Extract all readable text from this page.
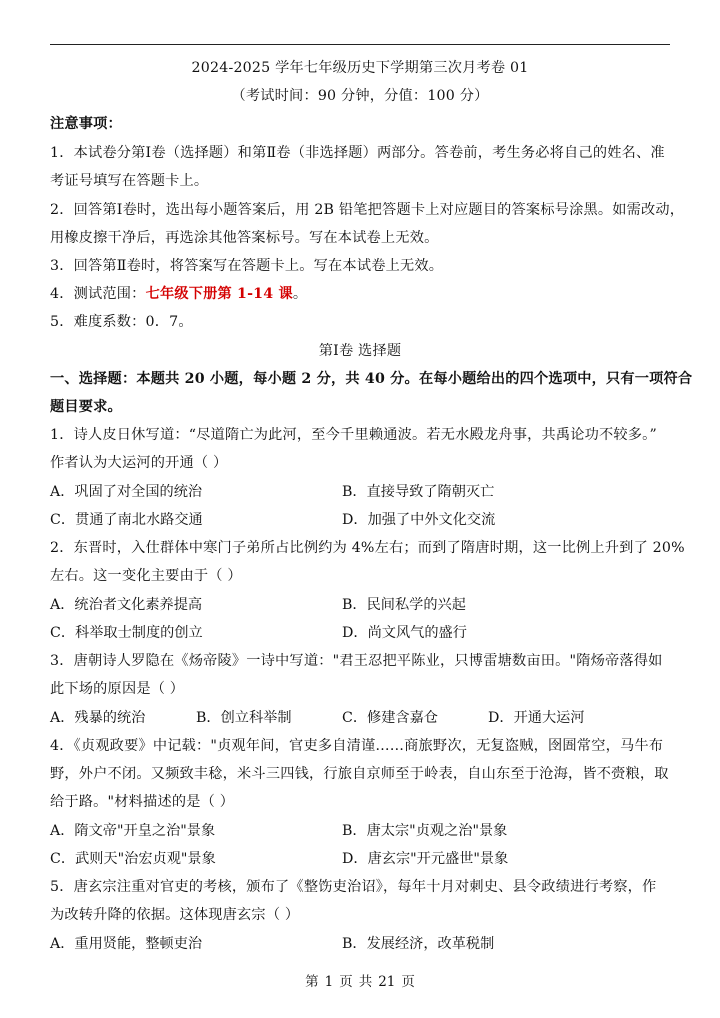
2024-2025 学年七年级历史下学期第三次月考卷 01
（考试时间：90 分钟，分值：100 分）
注意事项：
1．本试卷分第Ⅰ卷（选择题）和第Ⅱ卷（非选择题）两部分。答卷前，考生务必将自己的姓名、准
考证号填写在答题卡上。
2．回答第Ⅰ卷时，选出每小题答案后，用 2B 铅笔把答题卡上对应题目的答案标号涂黑。如需改动，
用橡皮擦干净后，再选涂其他答案标号。写在本试卷上无效。
3．回答第Ⅱ卷时，将答案写在答题卡上。写在本试卷上无效。
4．测试范围：七年级下册第 1-14 课。
5．难度系数：0．7。
第Ⅰ卷 选择题
一、选择题：本题共 20 小题，每小题 2 分，共 40 分。在每小题给出的四个选项中，只有一项符合
题目要求。
1．诗人皮日休写道：“尽道隋亡为此河，至今千里赖通波。若无水殿龙舟事，共禹论功不较多。”
作者认为大运河的开通（ ）
A．巩固了对全国的统治	B．直接导致了隋朝灭亡
C．贯通了南北水路交通	D．加强了中外文化交流
2．东晋时，入仕群体中寒门子弟所占比例约为 4%左右；而到了隋唐时期，这一比例上升到了 20%
左右。这一变化主要由于（ ）
A．统治者文化素养提高	B．民间私学的兴起
C．科举取士制度的创立	D．尚文风气的盛行
3．唐朝诗人罗隐在《炀帝陵》一诗中写道："君王忍把平陈业，只博雷塘数亩田。"隋炀帝落得如
此下场的原因是（ ）
A．残暴的统治	B．创立科举制	C．修建含嘉仓	D．开通大运河
4．《贞观政要》中记载："贞观年间，官吏多自清谨……商旅野次，无复盗贼，囹圄常空，马牛布
野，外户不闭。又频致丰稔，米斗三四钱，行旅自京师至于岭表，自山东至于沧海，皆不赍粮，取
给于路。"材料描述的是（ ）
A．隋文帝"开皇之治"景象	B．唐太宗"贞观之治"景象
C．武则天"治宏贞观"景象	D．唐玄宗"开元盛世"景象
5．唐玄宗注重对官吏的考核，颁布了《整饬吏治诏》，每年十月对刺史、县令政绩进行考察，作
为改转升降的依据。这体现唐玄宗（ ）
A．重用贤能，整顿吏治	B．发展经济，改革税制
第 1 页 共 21 页
